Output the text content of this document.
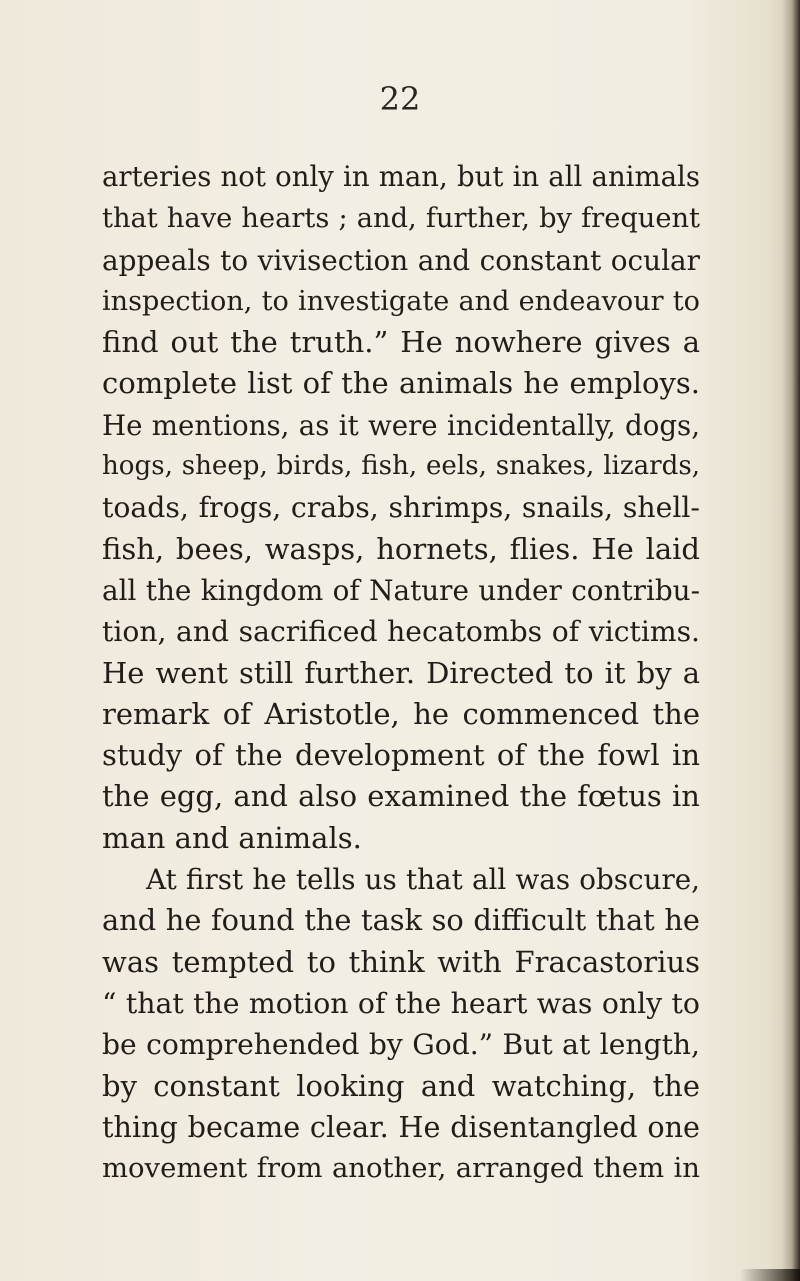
22

arteries not only in man, but in all animals
that have hearts ; and, further, by frequent
appeals to vivisection and constant ocular
inspection, to investigate and endeavour to
find out the truth.” He nowhere gives a
complete list of the animals he employs.
He mentions, as it were incidentally, dogs,
hogs, sheep, birds, fish, eels, snakes, lizards,
toads, frogs, crabs, shrimps, snails, shell-
fish, bees, wasps, hornets, flies. He laid
all the kingdom of Nature under contribu-
tion, and sacrificed hecatombs of victims.
He went still further. Directed to it by a
remark of Aristotle, he commenced the
study of the development of the fowl in
the egg, and also examined the fœtus in
man and animals.
At first he tells us that all was obscure,
and he found the task so difficult that he
was tempted to think with Fracastorius
“ that the motion of the heart was only to
be comprehended by God.” But at length,
by constant looking and watching, the
thing became clear. He disentangled one
movement from another, arranged them in
